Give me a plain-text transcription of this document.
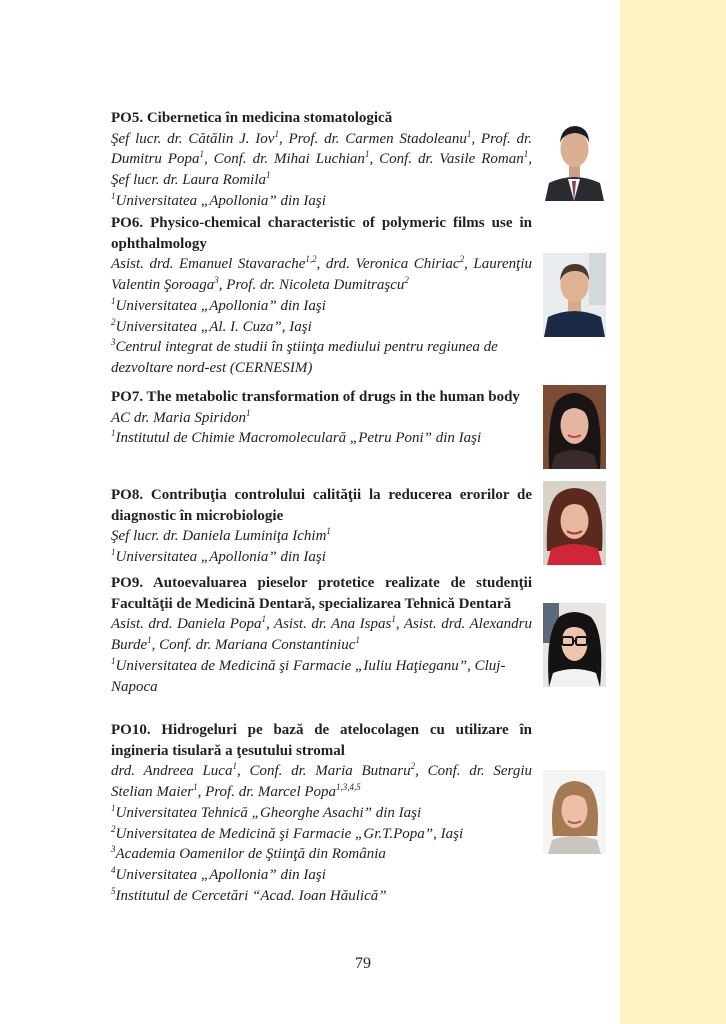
PO5. Cibernetica în medicina stomatologică

Şef lucr. dr. Cătălin J. Iov$^1$, Prof. dr. Carmen Stadoleanu$^1$, Prof. dr. Dumitru Popa$^1$, Conf. dr. Mihai Luchian$^1$, Conf. dr. Vasile Roman$^1$, Şef lucr. dr. Laura Romila$^1$

$^1$Universitatea „Apollonia” din Iaşi

PO6. Physico-chemical characteristic of polymeric films use in ophthalmology

Asist. drd. Emanuel Stavarache$^{1,2}$, drd. Veronica Chiriac$^2$, Laurenţiu Valentin Şoroaga$^3$, Prof. dr. Nicoleta Dumitraşcu$^2$

$^1$Universitatea „Apollonia” din Iaşi

$^2$Universitatea „Al. I. Cuza”, Iaşi

$^3$Centrul integrat de studii în ştiinţa mediului pentru regiunea de dezvoltare nord-est (CERNESIM)

PO7. The metabolic transformation of drugs in the human body

AC dr. Maria Spiridon$^1$

$^1$Institutul de Chimie Macromoleculară „Petru Poni” din Iaşi

PO8. Contribuţia controlului calităţii la reducerea erorilor de diagnostic în microbiologie

Şef lucr. dr. Daniela Luminiţa Ichim$^1$

$^1$Universitatea „Apollonia” din Iaşi

PO9. Autoevaluarea pieselor protetice realizate de studenţii Facultăţii de Medicină Dentară, specializarea Tehnică Dentară

Asist. drd. Daniela Popa$^1$, Asist. dr. Ana Ispas$^1$, Asist. drd. Alexandru Burde$^1$, Conf. dr. Mariana Constantiniuc$^1$

$^1$Universitatea de Medicină şi Farmacie „Iuliu Haţieganu”, Cluj-Napoca

PO10. Hidrogeluri pe bază de atelocolagen cu utilizare în ingineria tisulară a ţesutului stromal

drd. Andreea Luca$^1$, Conf. dr. Maria Butnaru$^2$, Conf. dr. Sergiu Stelian Maier$^1$, Prof. dr. Marcel Popa$^{1,3,4,5}$

$^1$Universitatea Tehnică „Gheorghe Asachi” din Iaşi

$^2$Universitatea de Medicină şi Farmacie „Gr.T.Popa”, Iaşi

$^3$Academia Oamenilor de Ştiinţă din România

$^4$Universitatea „Apollonia” din Iaşi

$^5$Institutul de Cercetări “Acad. Ioan Hăulică”

79
